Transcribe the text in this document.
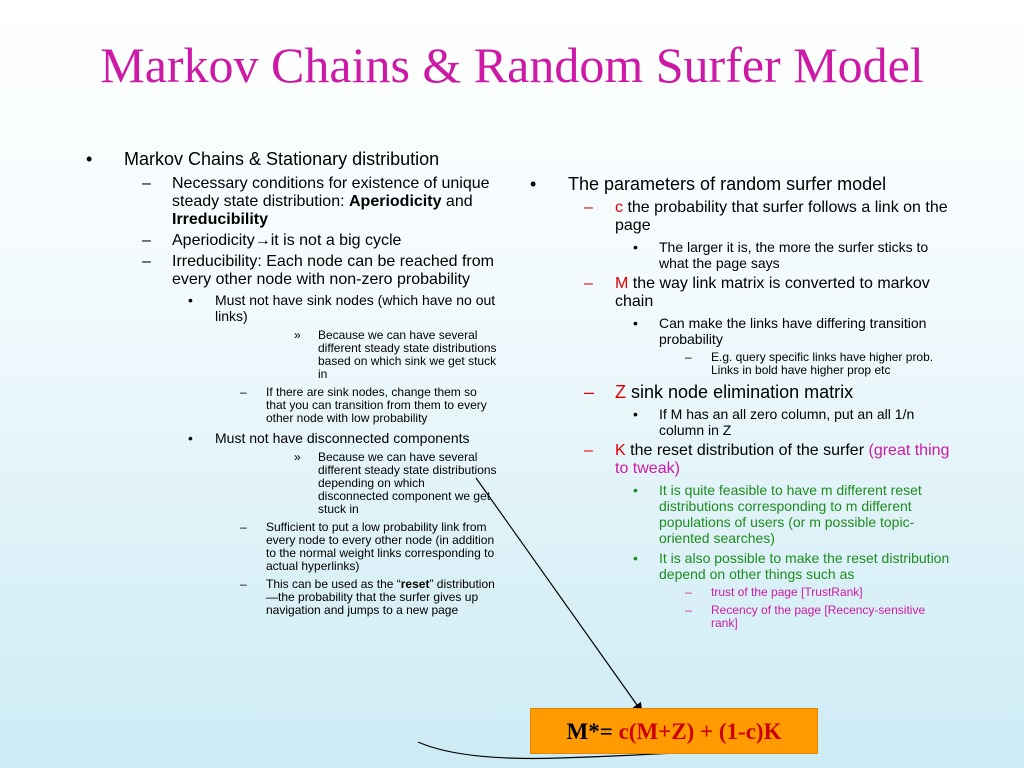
Markov Chains & Random Surfer Model
• Markov Chains & Stationary distribution
– Necessary conditions for existence of unique steady state distribution: Aperiodicity and Irreducibility
– Aperiodicity→it is not a big cycle
– Irreducibility: Each node can be reached from every other node with non-zero probability
• Must not have sink nodes (which have no out links)
» Because we can have several different steady state distributions based on which sink we get stuck in
– If there are sink nodes, change them so that you can transition from them to every other node with low probability
• Must not have disconnected components
» Because we can have several different steady state distributions depending on which disconnected component we get stuck in
– Sufficient to put a low probability link from every node to every other node (in addition to the normal weight links corresponding to actual hyperlinks)
– This can be used as the “reset” distribution—the probability that the surfer gives up navigation and jumps to a new page
• The parameters of random surfer model
– c the probability that surfer follows a link on the page
• The larger it is, the more the surfer sticks to what the page says
– M the way link matrix is converted to markov chain
• Can make the links have differing transition probability
– E.g. query specific links have higher prob. Links in bold have higher prop etc
– Z sink node elimination matrix
• If M has an all zero column, put an all 1/n column in Z
– K the reset distribution of the surfer (great thing to tweak)
• It is quite feasible to have m different reset distributions corresponding to m different populations of users (or m possible topic-oriented searches)
• It is also possible to make the reset distribution depend on other things such as
– trust of the page [TrustRank]
– Recency of the page [Recency-sensitive rank]
M*= c(M+Z) + (1-c)K
